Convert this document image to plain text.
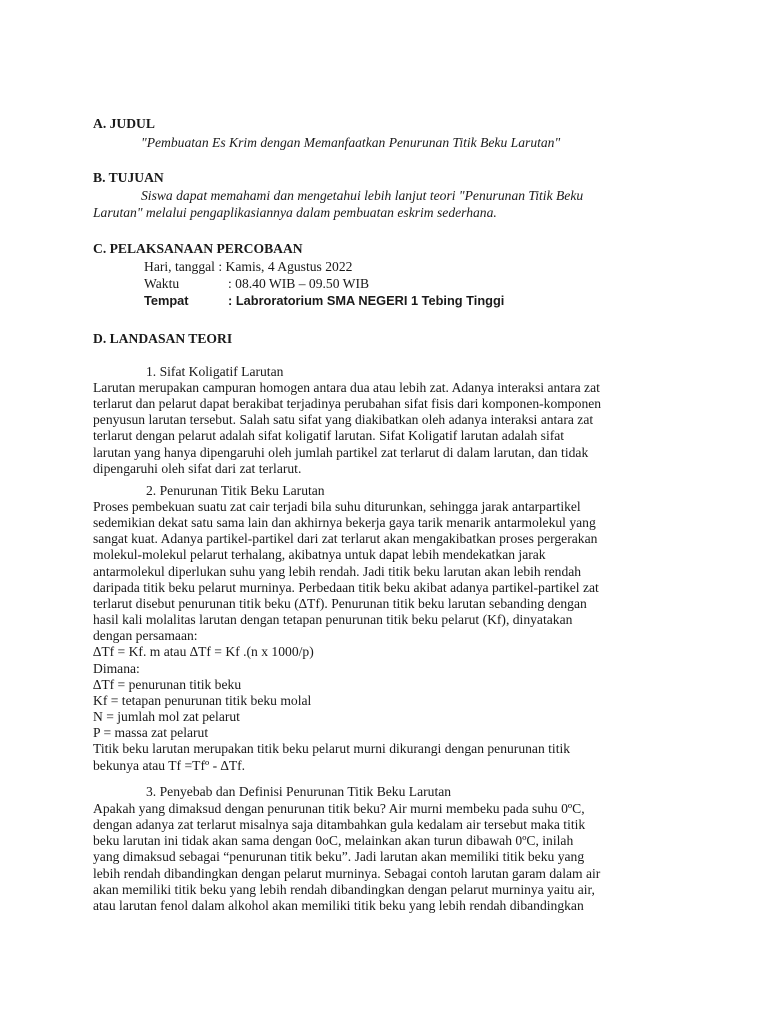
A. JUDUL
"Pembuatan Es Krim dengan Memanfaatkan Penurunan Titik Beku Larutan"
B. TUJUAN
Siswa dapat memahami dan mengetahui lebih lanjut teori "Penurunan Titik Beku
Larutan" melalui pengaplikasiannya dalam pembuatan eskrim sederhana.
C. PELAKSANAAN PERCOBAAN
Hari, tanggal : Kamis, 4 Agustus 2022
Waktu	: 08.40 WIB – 09.50 WIB
Tempat	: Labroratorium SMA NEGERI 1 Tebing Tinggi
D. LANDASAN TEORI
1. Sifat Koligatif Larutan
Larutan merupakan campuran homogen antara dua atau lebih zat. Adanya interaksi antara zat
terlarut dan pelarut dapat berakibat terjadinya perubahan sifat fisis dari komponen-komponen
penyusun larutan tersebut. Salah satu sifat yang diakibatkan oleh adanya interaksi antara zat
terlarut dengan pelarut adalah sifat koligatif larutan. Sifat Koligatif larutan adalah sifat
larutan yang hanya dipengaruhi oleh jumlah partikel zat terlarut di dalam larutan, dan tidak
dipengaruhi oleh sifat dari zat terlarut.
2. Penurunan Titik Beku Larutan
Proses pembekuan suatu zat cair terjadi bila suhu diturunkan, sehingga jarak antarpartikel
sedemikian dekat satu sama lain dan akhirnya bekerja gaya tarik menarik antarmolekul yang
sangat kuat. Adanya partikel-partikel dari zat terlarut akan mengakibatkan proses pergerakan
molekul-molekul pelarut terhalang, akibatnya untuk dapat lebih mendekatkan jarak
antarmolekul diperlukan suhu yang lebih rendah. Jadi titik beku larutan akan lebih rendah
daripada titik beku pelarut murninya. Perbedaan titik beku akibat adanya partikel-partikel zat
terlarut disebut penurunan titik beku (∆Tf). Penurunan titik beku larutan sebanding dengan
hasil kali molalitas larutan dengan tetapan penurunan titik beku pelarut (Kf), dinyatakan
dengan persamaan:
∆Tf = Kf. m atau ∆Tf = Kf .(n x 1000/p)
Dimana:
∆Tf = penurunan titik beku
Kf = tetapan penurunan titik beku molal
N = jumlah mol zat pelarut
P = massa zat pelarut
Titik beku larutan merupakan titik beku pelarut murni dikurangi dengan penurunan titik
bekunya atau Tf =Tfº - ∆Tf.
3. Penyebab dan Definisi Penurunan Titik Beku Larutan
Apakah yang dimaksud dengan penurunan titik beku? Air murni membeku pada suhu 0ºC,
dengan adanya zat terlarut misalnya saja ditambahkan gula kedalam air tersebut maka titik
beku larutan ini tidak akan sama dengan 0oC, melainkan akan turun dibawah 0ºC, inilah
yang dimaksud sebagai “penurunan titik beku”. Jadi larutan akan memiliki titik beku yang
lebih rendah dibandingkan dengan pelarut murninya. Sebagai contoh larutan garam dalam air
akan memiliki titik beku yang lebih rendah dibandingkan dengan pelarut murninya yaitu air,
atau larutan fenol dalam alkohol akan memiliki titik beku yang lebih rendah dibandingkan
